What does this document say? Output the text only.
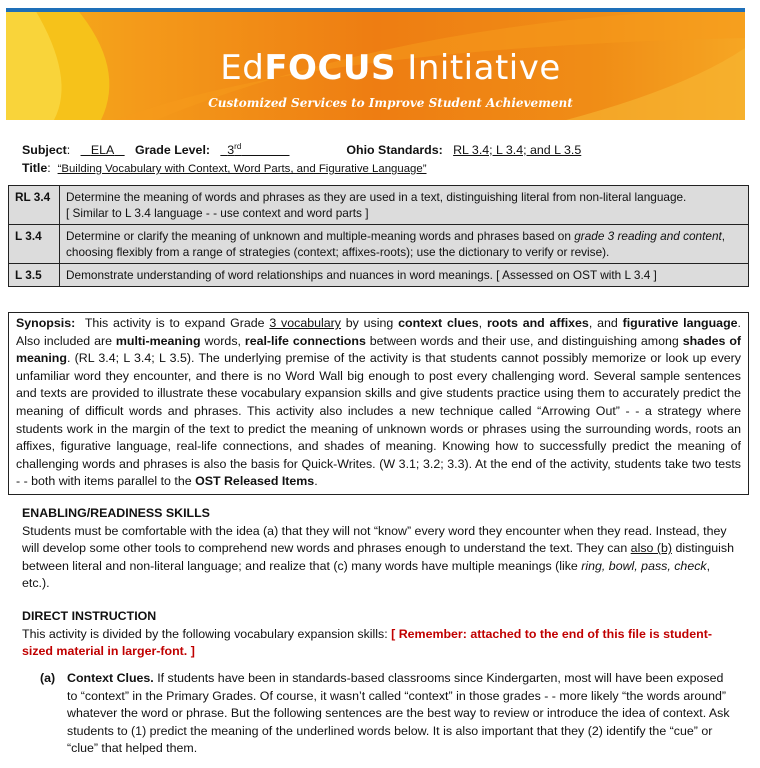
EdFOCUS Initiative
Customized Services to Improve Student Achievement
Subject:      ELA Grade Level: 3rd	Ohio Standards: RL 3.4; L 3.4; and L 3.5
Title:  “Building Vocabulary with Context, Word Parts, and Figurative Language”
RL 3.4	Determine the meaning of words and phrases as they are used in a text, distinguishing literal from non-literal language.
[ Similar to L 3.4 language - - use context and word parts ]
L 3.4	Determine or clarify the meaning of unknown and multiple-meaning words and phrases based on grade 3 reading and content, choosing flexibly from a range of strategies (context; affixes-roots); use the dictionary to verify or revise).
L 3.5	Demonstrate understanding of word relationships and nuances in word meanings. [ Assessed on OST with L 3.4 ]
Synopsis: This activity is to expand Grade 3 vocabulary by using context clues, roots and affixes, and figurative language. Also included are multi-meaning words, real-life connections between words and their use, and distinguishing among shades of meaning. (RL 3.4; L 3.4; L 3.5). The underlying premise of the activity is that students cannot possibly memorize or look up every unfamiliar word they encounter, and there is no Word Wall big enough to post every challenging word. Several sample sentences and texts are provided to illustrate these vocabulary expansion skills and give students practice using them to accurately predict the meaning of difficult words and phrases. This activity also includes a new technique called “Arrowing Out” - - a strategy where students work in the margin of the text to predict the meaning of unknown words or phrases using the surrounding words, roots an affixes, figurative language, real-life connections, and shades of meaning. Knowing how to successfully predict the meaning of challenging words and phrases is also the basis for Quick-Writes. (W 3.1; 3.2; 3.3). At the end of the activity, students take two tests - - both with items parallel to the OST Released Items.
ENABLING/READINESS SKILLS
Students must be comfortable with the idea (a) that they will not “know” every word they encounter when they read. Instead, they will develop some other tools to comprehend new words and phrases enough to understand the text. They can also (b) distinguish between literal and non-literal language; and realize that (c) many words have multiple meanings (like ring, bowl, pass, check, etc.).
DIRECT INSTRUCTION
This activity is divided by the following vocabulary expansion skills: [ Remember: attached to the end of this file is student-sized material in larger-font. ]
(a) Context Clues. If students have been in standards-based classrooms since Kindergarten, most will have been exposed to “context” in the Primary Grades. Of course, it wasn’t called “context” in those grades - - more likely “the words around” whatever the word or phrase. But the following sentences are the best way to review or introduce the idea of context. Ask students to (1) predict the meaning of the underlined words below. It is also important that they (2) identify the “cue” or “clue” that helped them.
